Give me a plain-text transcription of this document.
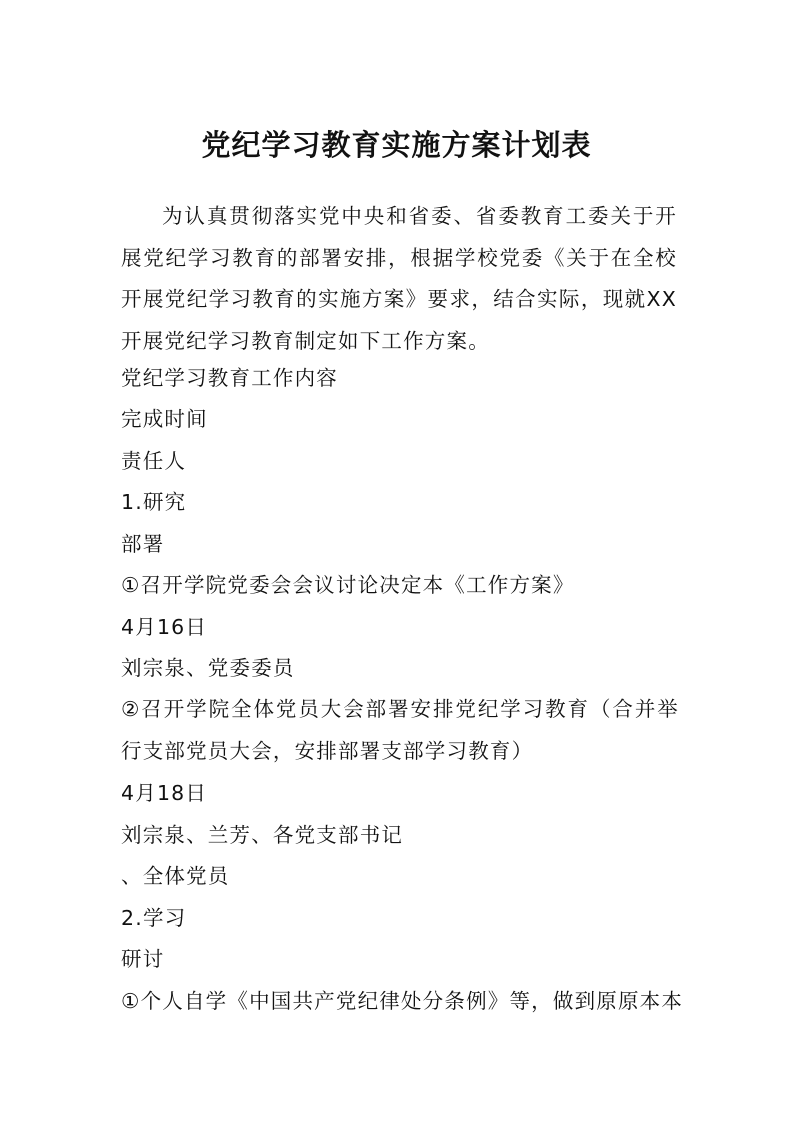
党纪学习教育实施方案计划表

为认真贯彻落实党中央和省委、省委教育工委关于开展党纪学习教育的部署安排，根据学校党委《关于在全校开展党纪学习教育的实施方案》要求，结合实际，现就XX开展党纪学习教育制定如下工作方案。

党纪学习教育工作内容

完成时间

责任人

1.研究

部署

①召开学院党委会会议讨论决定本《工作方案》

4月16日

刘宗泉、党委委员

②召开学院全体党员大会部署安排党纪学习教育（合并举行支部党员大会，安排部署支部学习教育）

4月18日

刘宗泉、兰芳、各党支部书记

、全体党员

2.学习

研讨

①个人自学《中国共产党纪律处分条例》等，做到原原本本
